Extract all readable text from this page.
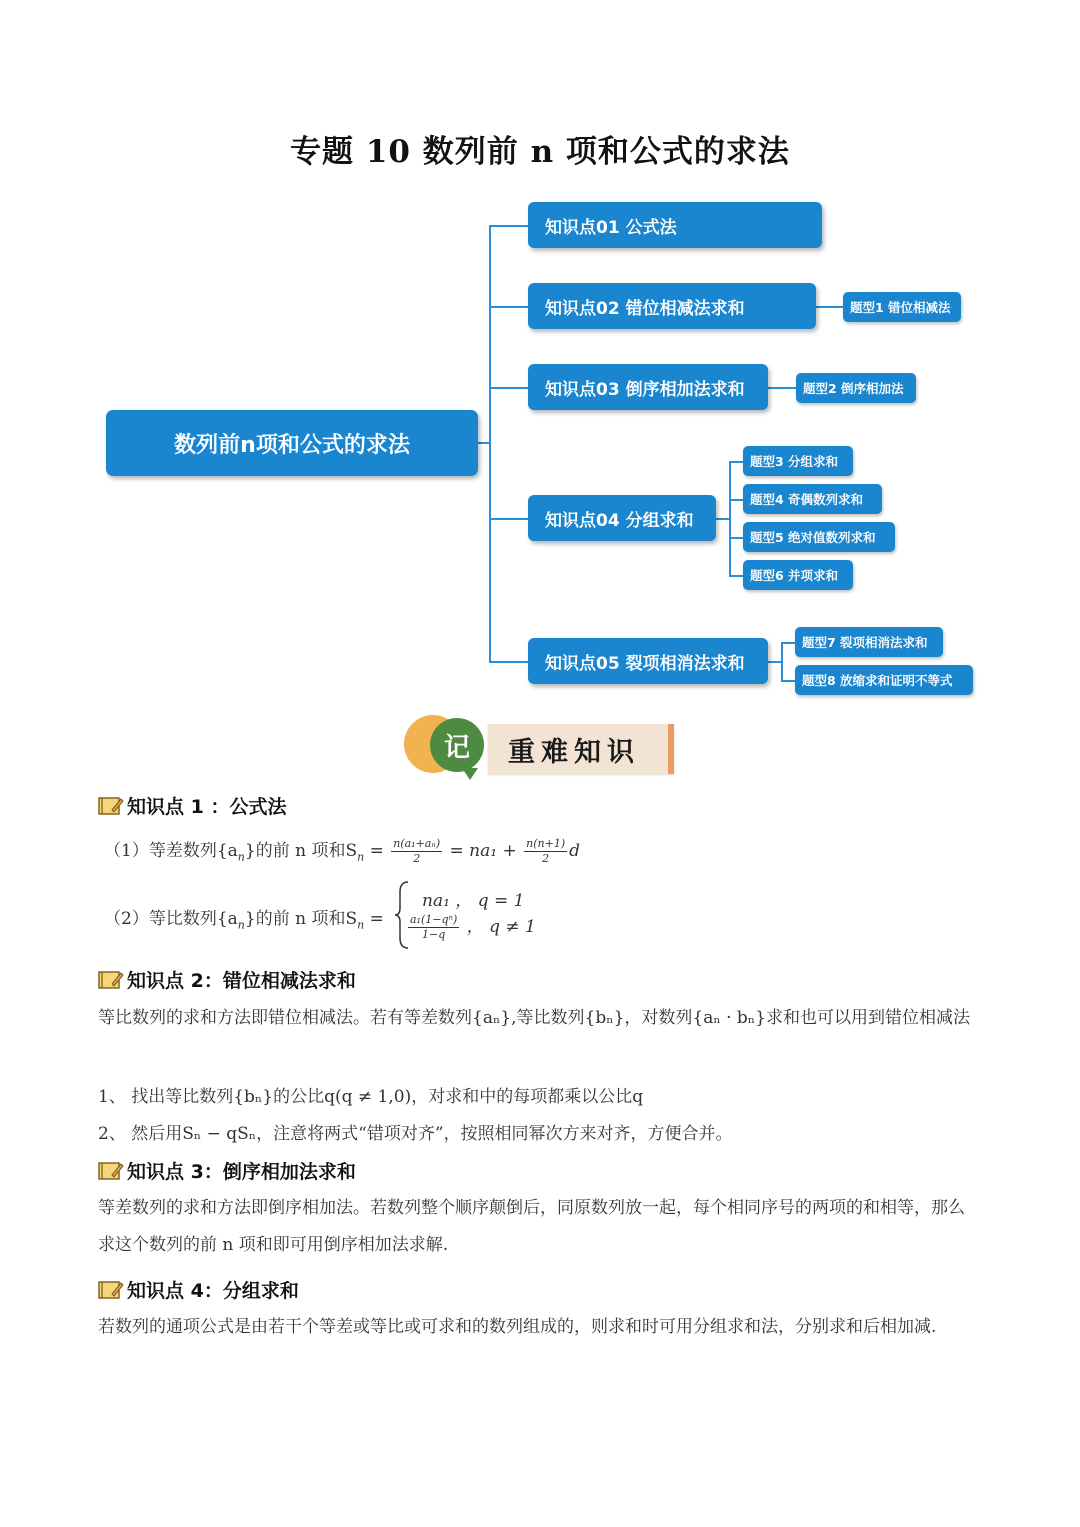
专题 10 数列前 n 项和公式的求法
数列前n项和公式的求法
知识点01 公式法
知识点02 错位相减法求和
知识点03 倒序相加法求和
知识点04 分组求和
知识点05 裂项相消法求和
题型1 错位相减法
题型2 倒序相加法
题型3 分组求和
题型4 奇偶数列求和
题型5 绝对值数列求和
题型6 并项求和
题型7 裂项相消法求和
题型8 放缩求和证明不等式
记	重难知识
知识点 1 ：公式法
（1）等差数列$\{a_n\}$的前 n 项和$S_n = \frac{\text{n(a₁+aₙ)}}{2} = na_1 + \frac{n(n+1)}{2}$ d
（2）等比数列$\{a_n\}$的前 n 项和$S_n$ =
na₁ ， q = 1
$\frac{\text{a₁(1−qⁿ)}}{1-q}$ ， q ≠ 1
知识点 2：错位相减法求和
等比数列的求和方法即错位相减法。若有等差数列{aₙ},等比数列{bₙ}，对数列{aₙ · bₙ}求和也可以用到错位相减法
1、 找出等比数列{bₙ}的公比q(q ≠ 1,0)，对求和中的每项都乘以公比q
2、 然后用Sₙ − qSₙ，注意将两式“错项对齐”，按照相同幂次方来对齐，方便合并。
知识点 3：倒序相加法求和
等差数列的求和方法即倒序相加法。若数列整个顺序颠倒后，同原数列放一起，每个相同序号的两项的和相等，那么求这个数列的前 n 项和即可用倒序相加法求解.
知识点 4：分组求和
若数列的通项公式是由若干个等差或等比或可求和的数列组成的，则求和时可用分组求和法，分别求和后相加减.
